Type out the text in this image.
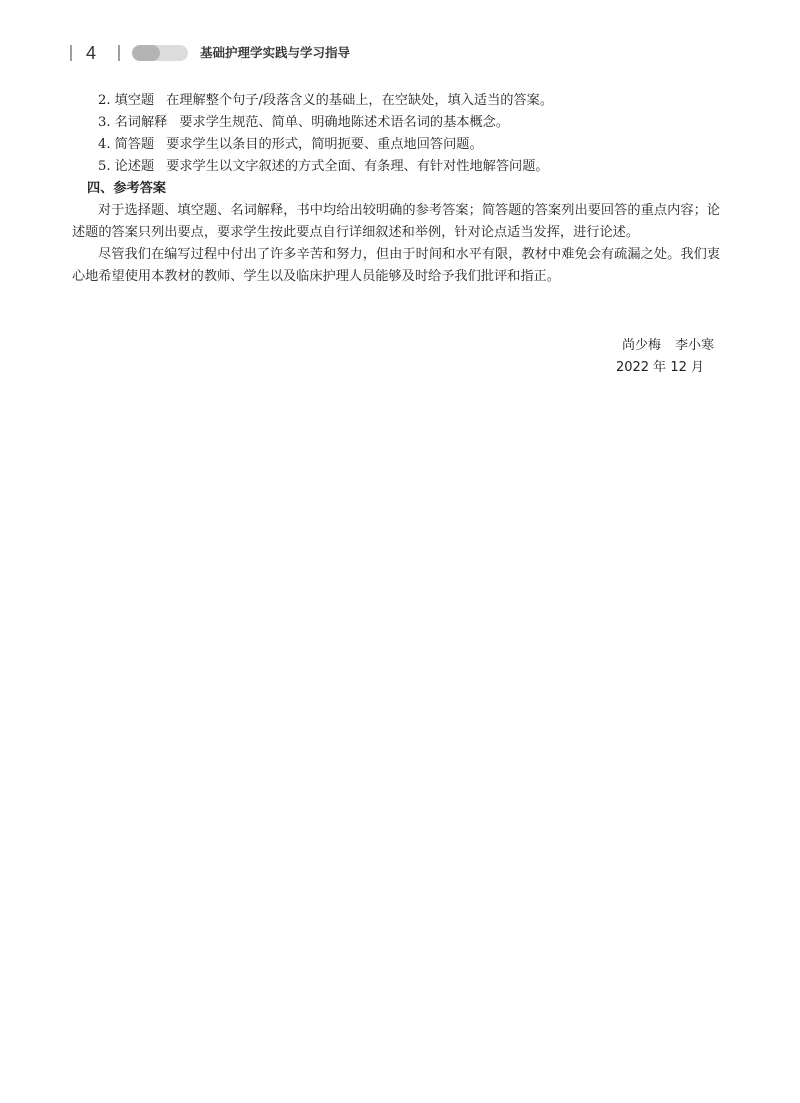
4	基础护理学实践与学习指导

2. 填空题 在理解整个句子/段落含义的基础上，在空缺处，填入适当的答案。

3. 名词解释 要求学生规范、简单、明确地陈述术语名词的基本概念。

4. 简答题 要求学生以条目的形式，简明扼要、重点地回答问题。

5. 论述题 要求学生以文字叙述的方式全面、有条理、有针对性地解答问题。

四、参考答案

对于选择题、填空题、名词解释，书中均给出较明确的参考答案；简答题的答案列出要回答的重点内容；论述题的答案只列出要点，要求学生按此要点自行详细叙述和举例，针对论点适当发挥，进行论述。

尽管我们在编写过程中付出了许多辛苦和努力，但由于时间和水平有限，教材中难免会有疏漏之处。我们衷心地希望使用本教材的教师、学生以及临床护理人员能够及时给予我们批评和指正。

尚少梅 李小寒
2022 年 12 月
